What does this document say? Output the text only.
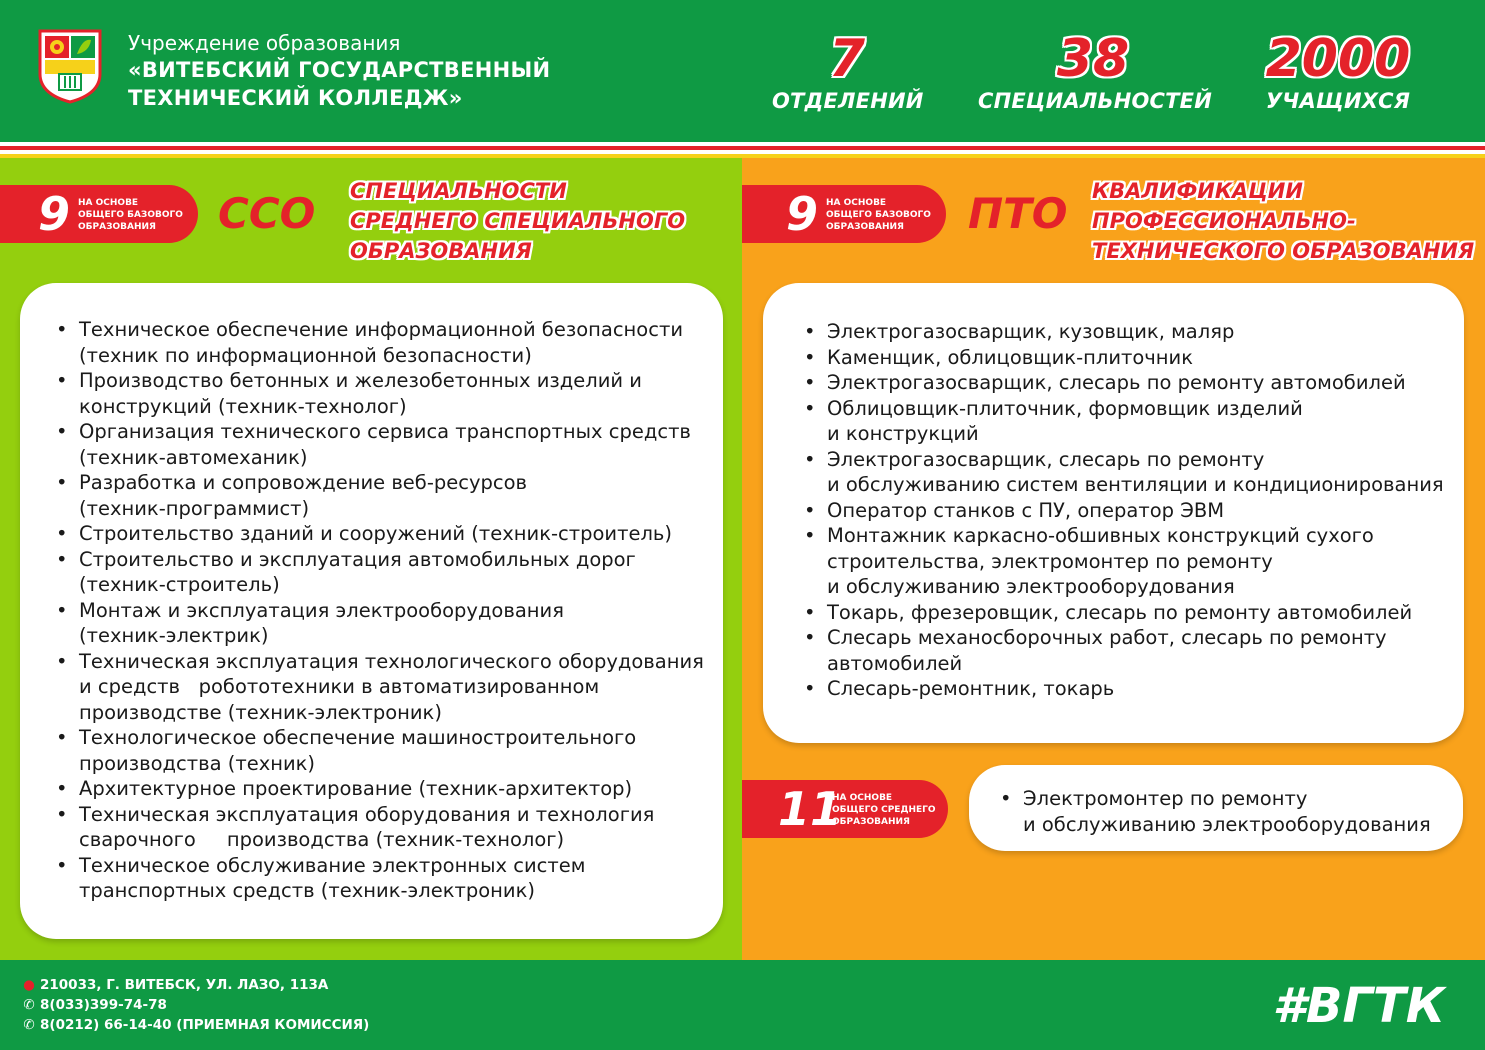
Учреждение образования
«ВИТЕБСКИЙ ГОСУДАРСТВЕННЫЙ
ТЕХНИЧЕСКИЙ КОЛЛЕДЖ»
7
ОТДЕЛЕНИЙ
38
СПЕЦИАЛЬНОСТЕЙ
2000
УЧАЩИХСЯ
9 НА ОСНОВЕ
ОБЩЕГО БАЗОВОГО
ОБРАЗОВАНИЯ	ССО СПЕЦИАЛЬНОСТИ
СРЕДНЕГО СПЕЦИАЛЬНОГО
ОБРАЗОВАНИЯ
• Техническое обеспечение информационной безопасности
(техник по информационной безопасности)
• Производство бетонных и железобетонных изделий и
конструкций (техник-технолог)
• Организация технического сервиса транспортных средств
(техник-автомеханик)
• Разработка и сопровождение веб-ресурсов
(техник-программист)
• Строительство зданий и сооружений (техник-строитель)
• Строительство и эксплуатация автомобильных дорог
(техник-строитель)
• Монтаж и эксплуатация электрооборудования
(техник-электрик)
• Техническая эксплуатация технологического оборудования
и средств   робототехники в автоматизированном
производстве (техник-электроник)
• Технологическое обеспечение машиностроительного
производства (техник)
• Архитектурное проектирование (техник-архитектор)
• Техническая эксплуатация оборудования и технология
сварочного     производства (техник-технолог)
• Техническое обслуживание электронных систем
транспортных средств (техник-электроник)
9 НА ОСНОВЕ
ОБЩЕГО БАЗОВОГО
ОБРАЗОВАНИЯ	ПТО КВАЛИФИКАЦИИ
ПРОФЕССИОНАЛЬНО-
ТЕХНИЧЕСКОГО ОБРАЗОВАНИЯ
• Электрогазосварщик, кузовщик, маляр
• Каменщик, облицовщик-плиточник
• Электрогазосварщик, слесарь по ремонту автомобилей
• Облицовщик-плиточник, формовщик изделий
и конструкций
• Электрогазосварщик, слесарь по ремонту
и обслуживанию систем вентиляции и кондиционирования
• Оператор станков с ПУ, оператор ЭВМ
• Монтажник каркасно-обшивных конструкций сухого
строительства, электромонтер по ремонту
и обслуживанию электрооборудования
• Токарь, фрезеровщик, слесарь по ремонту автомобилей
• Слесарь механосборочных работ, слесарь по ремонту
автомобилей
• Слесарь-ремонтник, токарь
11
НА ОСНОВЕ
ОБЩЕГО СРЕДНЕГО
ОБРАЗОВАНИЯ
• Электромонтер по ремонту
и обслуживанию электрооборудования
● 210033, Г. ВИТЕБСК, УЛ. ЛАЗО, 113А
✆ 8(033)399-74-78
✆ 8(0212) 66-14-40 (ПРИЕМНАЯ КОМИССИЯ)	#ВГТК
